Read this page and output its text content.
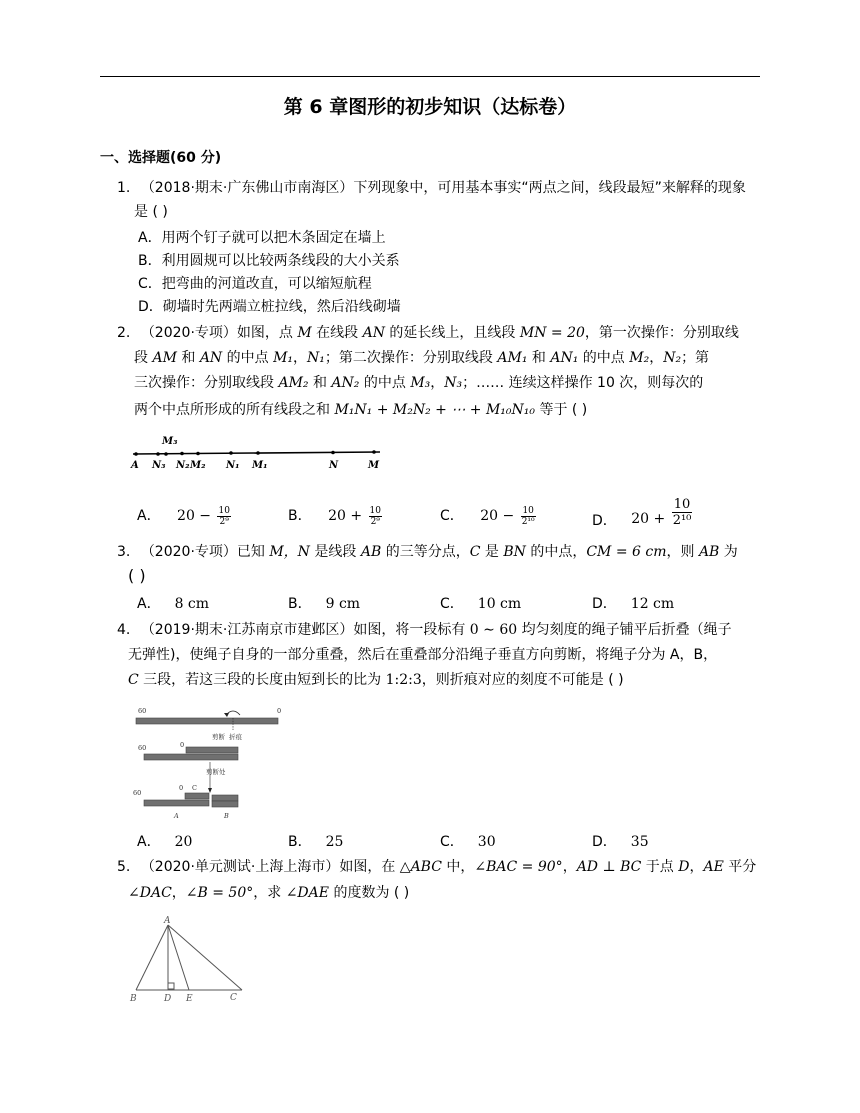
第 6 章图形的初步知识（达标卷）
一、选择题(60 分)
1. （2018·期末·广东佛山市南海区）下列现象中，可用基本事实“两点之间，线段最短”来解释的现象
是 ( )
A．用两个钉子就可以把木条固定在墙上
B．利用圆规可以比较两条线段的大小关系
C．把弯曲的河道改直，可以缩短航程
D．砌墙时先两端立桩拉线，然后沿线砌墙
2. （2020·专项）如图，点 M 在线段 AN 的延长线上，且线段 MN = 20，第一次操作：分别取线
段 AM 和 AN 的中点 M₁，N₁；第二次操作：分别取线段 AM₁ 和 AN₁ 的中点 M₂，N₂；第
三次操作：分别取线段 AM₂ 和 AN₂ 的中点 M₃，N₃；…… 连续这样操作 10 次，则每次的
两个中点所形成的所有线段之和 M₁N₁ + M₂N₂ + ⋯ + M₁₀N₁₀ 等于 ( )
A N₃
M₃
N₂ M₂ N₁ M₁	N	M
A． $20 - \frac{10}{\text{2⁹}}$	B． $20 + \frac{10}{\text{2⁹}}$	C． $20 - \frac{10}{\text{2¹⁰}}$	D． $20 + \frac{10}{\text{2¹⁰}}$
3. （2020·专项）已知 M，N 是线段 AB 的三等分点，C 是 BN 的中点，CM = 6 cm，则 AB 为
( )
A． 8 cm	B． 9 cm	C． 10 cm	D． 12 cm
4. （2019·期末·江苏南京市建邺区）如图，将一段标有 0 ∼ 60 均匀刻度的绳子铺平后折叠（绳子
无弹性)，使绳子自身的一部分重叠，然后在重叠部分沿绳子垂直方向剪断，将绳子分为 A，B，
C 三段，若这三段的长度由短到长的比为 1:2:3，则折痕对应的刻度不可能是 ( )
60	0
剪断 折痕
60	0
剪断处
60
0 C
A	B
A． 20	B． 25	C． 30	D． 35
5. （2020·单元测试·上海上海市）如图，在 △ABC 中，∠BAC = 90°，AD ⊥ BC 于点 D，AE 平分
∠DAC，∠B = 50°，求 ∠DAE 的度数为 ( )
A
B	D E	C
